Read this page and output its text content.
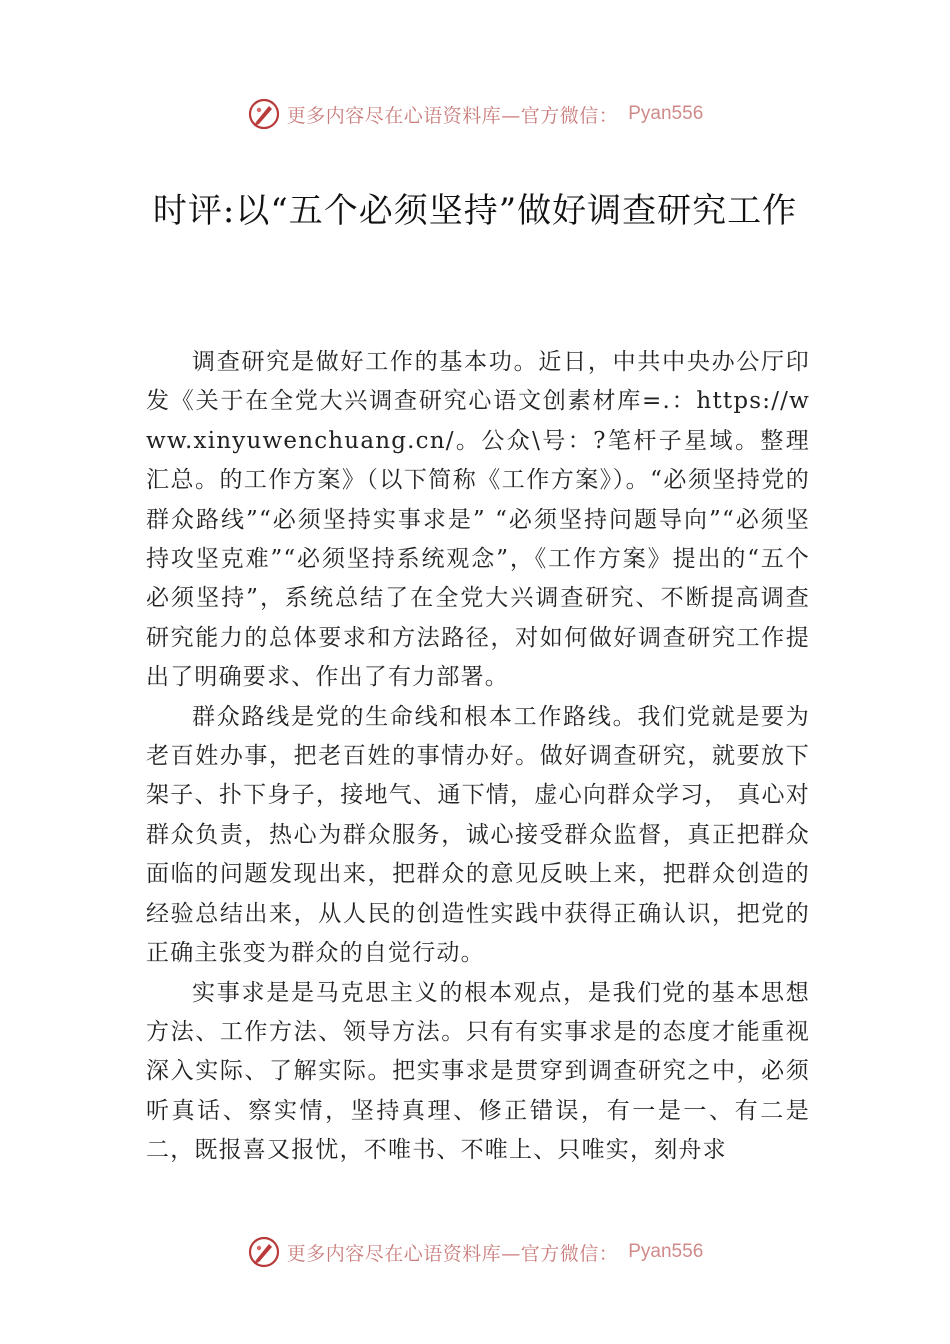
更多内容尽在心语资料库—官方微信： Pyan556
时评:以“五个必须坚持”做好调查研究工作

调查研究是做好工作的基本功。近日，中共中央办公厅印发《关于在全党大兴调查研究心语文创素材库=.：https://www.xinyuwenchuang.cn/。公众\号：?笔杆子星域。整理汇总。的工作方案》（以下简称《工作方案》）。“必须坚持党的群众路线”“必须坚持实事求是” “必须坚持问题导向”“必须坚持攻坚克难”“必须坚持系统观念”，《工作方案》提出的“五个必须坚持”，系统总结了在全党大兴调查研究、不断提高调查研究能力的总体要求和方法路径，对如何做好调查研究工作提出了明确要求、作出了有力部署。

群众路线是党的生命线和根本工作路线。我们党就是要为老百姓办事，把老百姓的事情办好。做好调查研究，就要放下架子、扑下身子，接地气、通下情，虚心向群众学习， 真心对群众负责，热心为群众服务，诚心接受群众监督，真正把群众面临的问题发现出来，把群众的意见反映上来，把群众创造的经验总结出来，从人民的创造性实践中获得正确认识，把党的正确主张变为群众的自觉行动。

实事求是是马克思主义的根本观点，是我们党的基本思想方法、工作方法、领导方法。只有有实事求是的态度才能重视深入实际、了解实际。把实事求是贯穿到调查研究之中，必须听真话、察实情，坚持真理、修正错误，有一是一、有二是二，既报喜又报忧，不唯书、不唯上、只唯实，刻舟求

更多内容尽在心语资料库—官方微信： Pyan556
